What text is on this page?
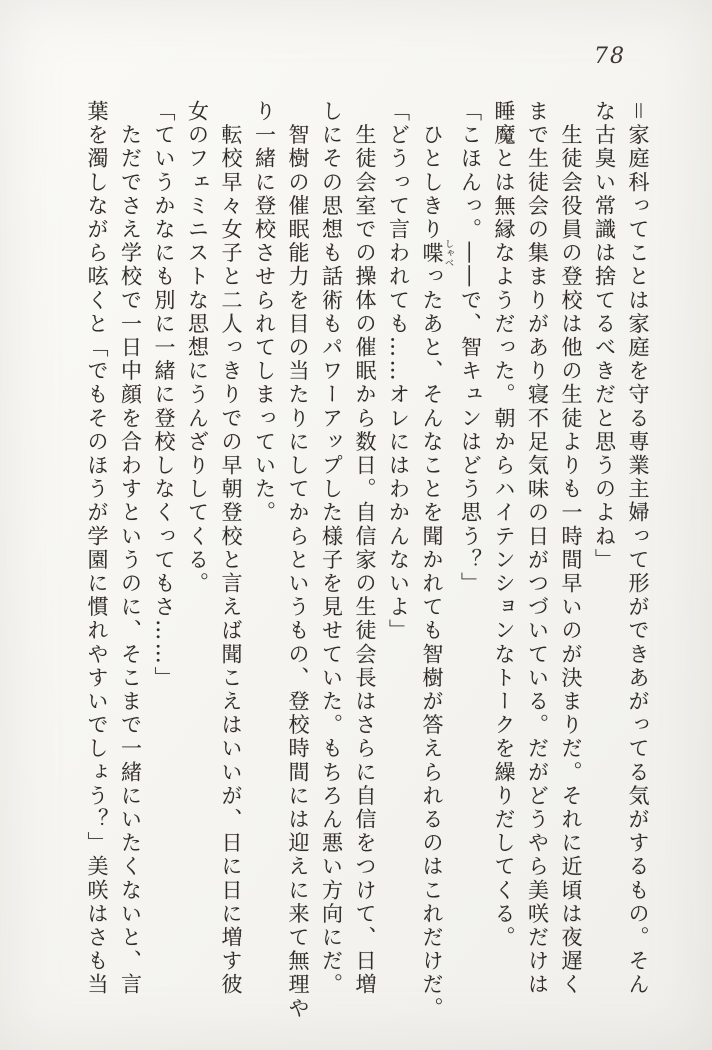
78
＝家庭科ってことは家庭を守る専業主婦って形ができあがってる気がするもの。そん
な古臭い常識は捨てるべきだと思うのよね」
　生徒会役員の登校は他の生徒よりも一時間早いのが決まりだ。それに近頃は夜遅く
まで生徒会の集まりがあり寝不足気味の日がつづいている。だがどうやら美咲だけは
睡魔とは無縁なようだった。朝からハイテンションなトークを繰りだしてくる。
「こほんっ。――で、智キュンはどう思う？」
　ひとしきり喋 しゃべったあと、そんなことを聞かれても智樹が答えられるのはこれだけだ。
「どうって言われても……オレにはわかんないよ」
　生徒会室での操体の催眠から数日。自信家の生徒会長はさらに自信をつけて、日増
しにその思想も話術もパワーアップした様子を見せていた。もちろん悪い方向にだ。
　智樹の催眠能力を目の当たりにしてからというもの、登校時間には迎えに来て無理や
り一緒に登校させられてしまっていた。
　転校早々女子と二人っきりでの早朝登校と言えば聞こえはいいが、日に日に増す彼
女のフェミニストな思想にうんざりしてくる。
「ていうかなにも別に一緒に登校しなくってもさ……」
　ただでさえ学校で一日中顔を合わすというのに、そこまで一緒にいたくないと、言
葉を濁しながら呟くと「でもそのほうが学園に慣れやすいでしょう？」美咲はさも当
